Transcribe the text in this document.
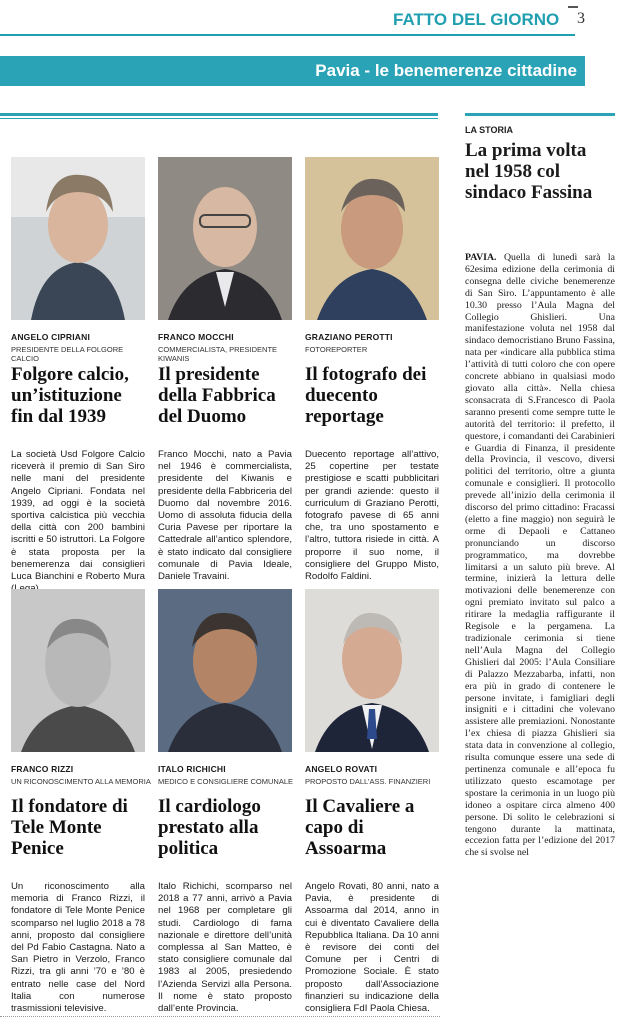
FATTO DEL GIORNO	3
Pavia - le benemerenze cittadine
ANGELO CIPRIANI
PRESIDENTE DELLA FOLGORE CALCIO
Folgore calcio, un’istituzione fin dal 1939
La società Usd Folgore Calcio riceverà il premio di San Siro nelle mani del presidente Angelo Cipriani. Fondata nel 1939, ad oggi è la società sportiva calcistica più vecchia della città con 200 bambini iscritti e 50 istruttori. La Folgore è stata proposta per la benemerenza dai consiglieri Luca Bianchini e Roberto Mura
FRANCO MOCCHI
COMMERCIALISTA, PRESIDENTE KIWANIS
Il presidente della Fabbrica del Duomo
Franco Mocchi, nato a Pavia nel 1946 è commercialista, presidente del Kiwanis e presidente della Fabbriceria del Duomo dal novembre 2016. Uomo di assoluta fiducia della Curia Pavese per riportare la Cattedrale all’antico splendore, è stato indicato dal consigliere comunale di Pavia Ideale, Daniele Travaini.
GRAZIANO PEROTTI
FOTOREPORTER
Il fotografo dei duecento reportage
Duecento reportage all’attivo, 25 copertine per testate prestigiose e scatti pubblicitari per grandi aziende: questo il curriculum di Graziano Perotti, fotografo pavese di 65 anni che, tra uno spostamento e l’altro, tuttora risiede in città. A proporre il suo nome, il consigliere del Gruppo Misto, Rodolfo Faldini.
FRANCO RIZZI
UN RICONOSCIMENTO ALLA MEMORIA
Il fondatore di Tele Monte Penice
Un riconoscimento alla memoria di Franco Rizzi, il fondatore di Tele Monte Penice scomparso nel luglio 2018 a 78 anni, proposto dal consigliere del Pd Fabio Castagna. Nato a San Pietro in Verzolo, Franco Rizzi, tra gli anni ’70 e ’80 è entrato nelle case del Nord Italia con numerose trasmissioni televisive.
ITALO RICHICHI
MEDICO E CONSIGLIERE COMUNALE
Il cardiologo prestato alla politica
Italo Richichi, scomparso nel 2018 a 77 anni, arrivò a Pavia nel 1968 per completare gli studi. Cardiologo di fama nazionale e direttore dell’unità complessa al San Matteo, è stato consigliere comunale dal 1983 al 2005, presiedendo l’Azienda Servizi alla Persona. Il nome è stato proposto dall’ente Provincia.
ANGELO ROVATI
PROPOSTO DALL’ASS. FINANZIERI
Il Cavaliere a capo di Assoarma
Angelo Rovati, 80 anni, nato a Pavia, è presidente di Assoarma dal 2014, anno in cui è diventato Cavaliere della Repubblica Italiana. Da 10 anni è revisore dei conti del Comune per i Centri di Promozione Sociale. È stato proposto dall’Associazione finanzieri su indicazione della consigliera FdI Paola Chiesa.
LA STORIA
La prima volta nel 1958 col sindaco Fassina
PAVIA. Quella di lunedì sarà la 62esima edizione della cerimonia di consegna delle civiche benemerenze di San Siro. L’appuntamento è alle 10.30 presso l’Aula Magna del Collegio Ghislieri. Una manifestazione voluta nel 1958 dal sindaco democristiano Bruno Fassina, nata per «indicare alla pubblica stima l’attività di tutti coloro che con opere concrete abbiano in qualsiasi modo giovato alla città». Nella chiesa sconsacrata di S.Francesco di Paola saranno presenti come sempre tutte le autorità del territorio: il prefetto, il questore, i comandanti dei Carabinieri e Guardia di Finanza, il presidente della Provincia, il vescovo, diversi politici del territorio, oltre a giunta comunale e consiglieri. Il protocollo prevede all’inizio della cerimonia il discorso del primo cittadino: Fracassi (eletto a fine maggio) non seguirà le orme di Depaoli e Cattaneo pronunciando un discorso programmatico, ma dovrebbe limitarsi a un saluto più breve. Al termine, inizierà la lettura delle motivazioni delle benemerenze con ogni premiato invitato sul palco a ritirare la medaglia raffigurante il Regisole e la pergamena. La tradizionale cerimonia si tiene nell’Aula Magna del Collegio Ghislieri dal 2005: l’Aula Consiliare di Palazzo Mezzabarba, infatti, non era più in grado di contenere le persone invitate, i famigliari degli insigniti e i cittadini che volevano assistere alle premiazioni. Nonostante l’ex chiesa di piazza Ghislieri sia stata data in convenzione al collegio, risulta comunque essere una sede di pertinenza comunale e all’epoca fu utilizzato questo escamotage per spostare la cerimonia in un luogo più idoneo a ospitare circa almeno 400 persone. Di solito le celebrazioni si tengono durante la mattinata, eccezion fatta per l’edizione del 2017 che si svolse nel
